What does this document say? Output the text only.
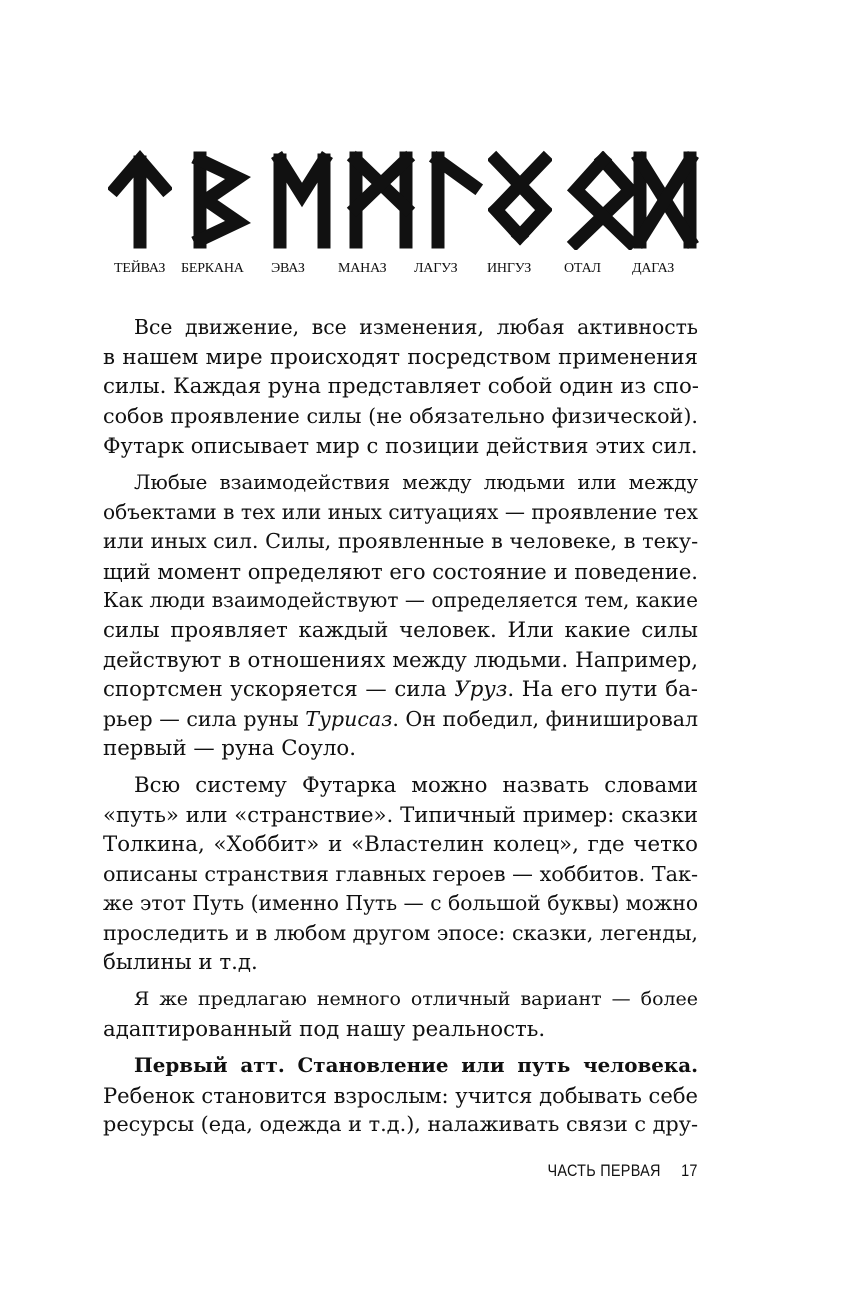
ТЕЙВАЗ БЕРКАНА ЭВАЗ МАНАЗ ЛАГУЗ ИНГУЗ ОТАЛ ДАГАЗ
Все движение, все изменения, любая активность
в нашем мире происходят посредством применения
силы. Каждая руна представляет собой один из спо-
собов проявление силы (не обязательно физической).
Футарк описывает мир с позиции действия этих сил.
Любые взаимодействия между людьми или между
объектами в тех или иных ситуациях — проявление тех
или иных сил. Силы, проявленные в человеке, в теку-
щий момент определяют его состояние и поведение.
Как люди взаимодействуют — определяется тем, какие
силы проявляет каждый человек. Или какие силы
действуют в отношениях между людьми. Например,
спортсмен ускоряется — сила Уруз. На его пути ба-
рьер — сила руны Турисаз. Он победил, финишировал
первый — руна Соуло.
Всю систему Футарка можно назвать словами
«путь» или «странствие». Типичный пример: сказки
Толкина, «Хоббит» и «Властелин колец», где четко
описаны странствия главных героев — хоббитов. Так-
же этот Путь (именно Путь — с большой буквы) можно
проследить и в любом другом эпосе: сказки, легенды,
былины и т.д.
Я же предлагаю немного отличный вариант — более
адаптированный под нашу реальность.
Первый атт. Становление или путь человека.
Ребенок становится взрослым: учится добывать себе
ресурсы (еда, одежда и т.д.), налаживать связи с дру-
ЧАСТЬ ПЕРВАЯ 17
